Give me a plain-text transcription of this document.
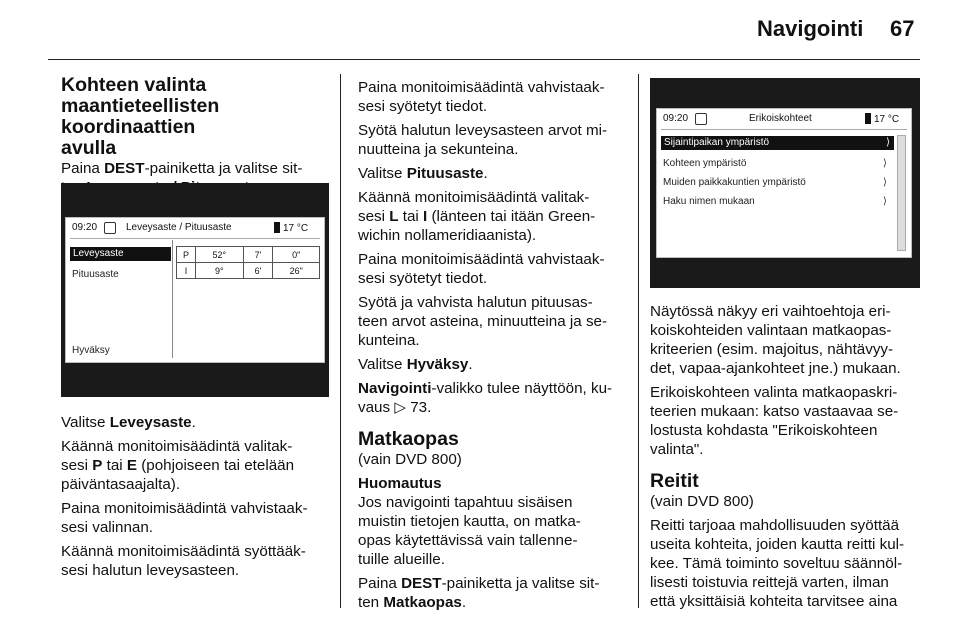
Navigointi 67
Kohteen valinta
maantieteellisten koordinaattien
avulla

Paina DEST-painiketta ja valitse sit-

09:20	Leveysaste / Pituusaste	17 °C
Leveysaste
Pituusaste
Hyväksy
P	52°	7'	0"
I	9°	6'	26"

Valitse Leveysaste.

Käännä monitoimisäädintä valitak-
sesi P tai E (pohjoiseen tai etelään
päiväntasaajalta).

Paina monitoimisäädintä vahvistaak-
sesi valinnan.

Käännä monitoimisäädintä syöttääk-
sesi halutun leveysasteen.

Paina monitoimisäädintä vahvistaak-
sesi syötetyt tiedot.

Syötä halutun leveysasteen arvot mi-
nuutteina ja sekunteina.

Valitse Pituusaste.

Käännä monitoimisäädintä valitak-
sesi L tai I (länteen tai itään Green-
wichin nollameridiaanista).

Paina monitoimisäädintä vahvistaak-
sesi syötetyt tiedot.

Syötä ja vahvista halutun pituusas-
teen arvot asteina, minuutteina ja se-
kunteina.

Valitse Hyväksy.

Navigointi-valikko tulee näyttöön, ku-
vaus ▷ 73.

Matkaopas

(vain DVD 800)

Huomautus
Jos navigointi tapahtuu sisäisen
muistin tietojen kautta, on matka-
opas käytettävissä vain tallenne-
tuille alueille.

Paina DEST-painiketta ja valitse sit-
ten Matkaopas.

09:20	Erikoiskohteet	17 °C
Sijaintipaikan ympäristö	⟩
Kohteen ympäristö	⟩
Muiden paikkakuntien ympäristö	⟩
Haku nimen mukaan	⟩

Näytössä näkyy eri vaihtoehtoja eri-
koiskohteiden valintaan matkaopas-
kriteerien (esim. majoitus, nähtävyy-
det, vapaa-ajankohteet jne.) mukaan.

Erikoiskohteen valinta matkaopaskri-
teerien mukaan: katso vastaavaa se-
lostusta kohdasta "Erikoiskohteen
valinta".

Reitit

(vain DVD 800)

Reitti tarjoaa mahdollisuuden syöttää
useita kohteita, joiden kautta reitti kul-
kee. Tämä toiminto soveltuu säännöl-
lisesti toistuvia reittejä varten, ilman
että yksittäisiä kohteita tarvitsee aina
